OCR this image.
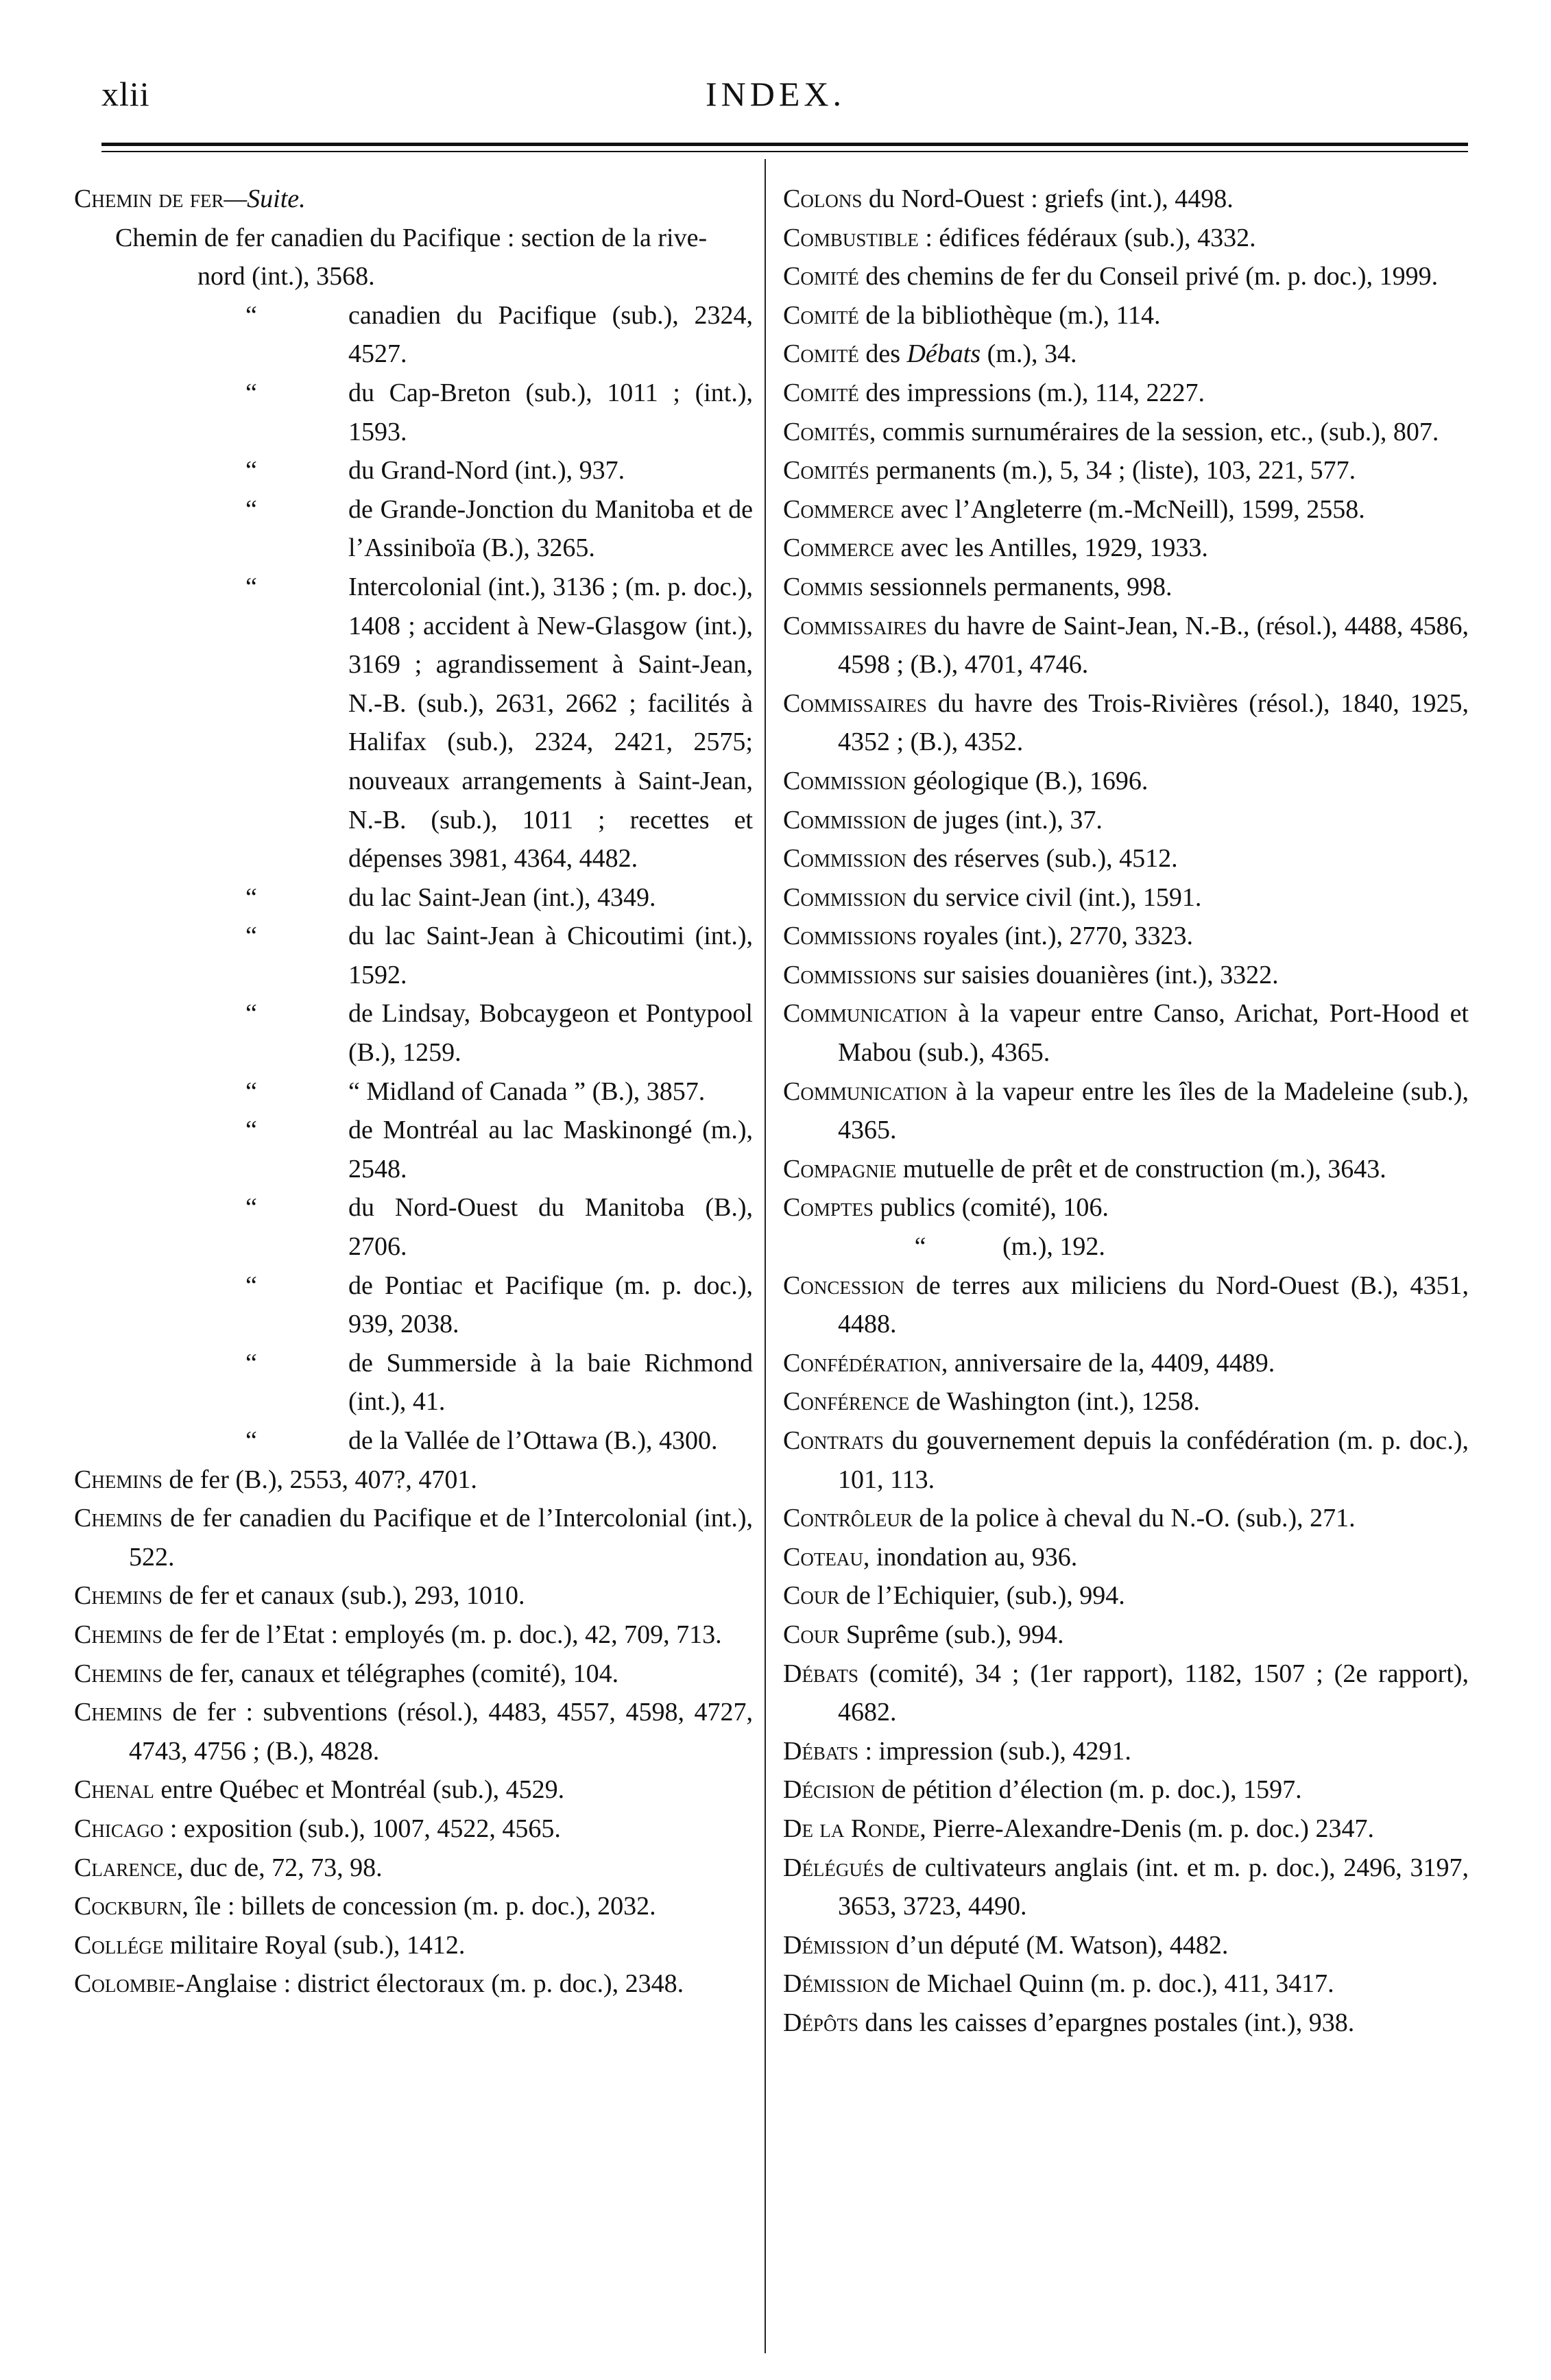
xlii	INDEX.

Chemin de fer—Suite.

Chemin de fer canadien du Pacifique : section de la rive-nord (int.), 3568.

“	canadien du Pacifique (sub.), 2324, 4527.

“	du Cap-Breton (sub.), 1011 ; (int.), 1593.

“	du Grand-Nord (int.), 937.

“	de Grande-Jonction du Manitoba et de l’Assiniboïa (B.), 3265.

“	Intercolonial (int.), 3136 ; (m. p. doc.), 1408 ; accident à New-Glasgow (int.), 3169 ; agrandissement à Saint-Jean, N.-B. (sub.), 2631, 2662 ; facilités à Halifax (sub.), 2324, 2421, 2575; nouveaux arrangements à Saint-Jean, N.-B. (sub.), 1011 ; recettes et dépenses 3981, 4364, 4482.

“	du lac Saint-Jean (int.), 4349.

“	du lac Saint-Jean à Chicoutimi (int.), 1592.

“	de Lindsay, Bobcaygeon et Pontypool (B.), 1259.

“	“ Midland of Canada ” (B.), 3857.

“	de Montréal au lac Maskinongé (m.), 2548.

“	du Nord-Ouest du Manitoba (B.), 2706.

“	de Pontiac et Pacifique (m. p. doc.), 939, 2038.

“	de Summerside à la baie Richmond (int.), 41.

“	de la Vallée de l’Ottawa (B.), 4300.

Chemins de fer (B.), 2553, 407?, 4701.

Chemins de fer canadien du Pacifique et de l’Intercolonial (int.), 522.

Chemins de fer et canaux (sub.), 293, 1010.

Chemins de fer de l’Etat : employés (m. p. doc.), 42, 709, 713.

Chemins de fer, canaux et télégraphes (comité), 104.

Chemins de fer : subventions (résol.), 4483, 4557, 4598, 4727, 4743, 4756 ; (B.), 4828.

Chenal entre Québec et Montréal (sub.), 4529.

Chicago : exposition (sub.), 1007, 4522, 4565.

Clarence, duc de, 72, 73, 98.

Cockburn, île : billets de concession (m. p. doc.), 2032.

Collége militaire Royal (sub.), 1412.

Colombie-Anglaise : district électoraux (m. p. doc.), 2348.

Colons du Nord-Ouest : griefs (int.), 4498.

Combustible : édifices fédéraux (sub.), 4332.

Comité des chemins de fer du Conseil privé (m. p. doc.), 1999.

Comité de la bibliothèque (m.), 114.

Comité des Débats (m.), 34.

Comité des impressions (m.), 114, 2227.

Comités, commis surnuméraires de la session, etc., (sub.), 807.

Comités permanents (m.), 5, 34 ; (liste), 103, 221, 577.

Commerce avec l’Angleterre (m.-McNeill), 1599, 2558.

Commerce avec les Antilles, 1929, 1933.

Commis sessionnels permanents, 998.

Commissaires du havre de Saint-Jean, N.-B., (résol.), 4488, 4586, 4598 ; (B.), 4701, 4746.

Commissaires du havre des Trois-Rivières (résol.), 1840, 1925, 4352 ; (B.), 4352.

Commission géologique (B.), 1696.

Commission de juges (int.), 37.

Commission des réserves (sub.), 4512.

Commission du service civil (int.), 1591.

Commissions royales (int.), 2770, 3323.

Commissions sur saisies douanières (int.), 3322.

Communication à la vapeur entre Canso, Arichat, Port-Hood et Mabou (sub.), 4365.

Communication à la vapeur entre les îles de la Madeleine (sub.), 4365.

Compagnie mutuelle de prêt et de construction (m.), 3643.

Comptes publics (comité), 106.

“	(m.), 192.

Concession de terres aux miliciens du Nord-Ouest (B.), 4351, 4488.

Confédération, anniversaire de la, 4409, 4489.

Conférence de Washington (int.), 1258.

Contrats du gouvernement depuis la confédération (m. p. doc.), 101, 113.

Contrôleur de la police à cheval du N.-O. (sub.), 271.

Coteau, inondation au, 936.

Cour de l’Echiquier, (sub.), 994.

Cour Suprême (sub.), 994.

Débats (comité), 34 ; (1er rapport), 1182, 1507 ; (2e rapport), 4682.

Débats : impression (sub.), 4291.

Décision de pétition d’élection (m. p. doc.), 1597.

De la Ronde, Pierre-Alexandre-Denis (m. p. doc.) 2347.

Délégués de cultivateurs anglais (int. et m. p. doc.), 2496, 3197, 3653, 3723, 4490.

Démission d’un député (M. Watson), 4482.

Démission de Michael Quinn (m. p. doc.), 411, 3417.

Dépôts dans les caisses d’epargnes postales (int.), 938.
